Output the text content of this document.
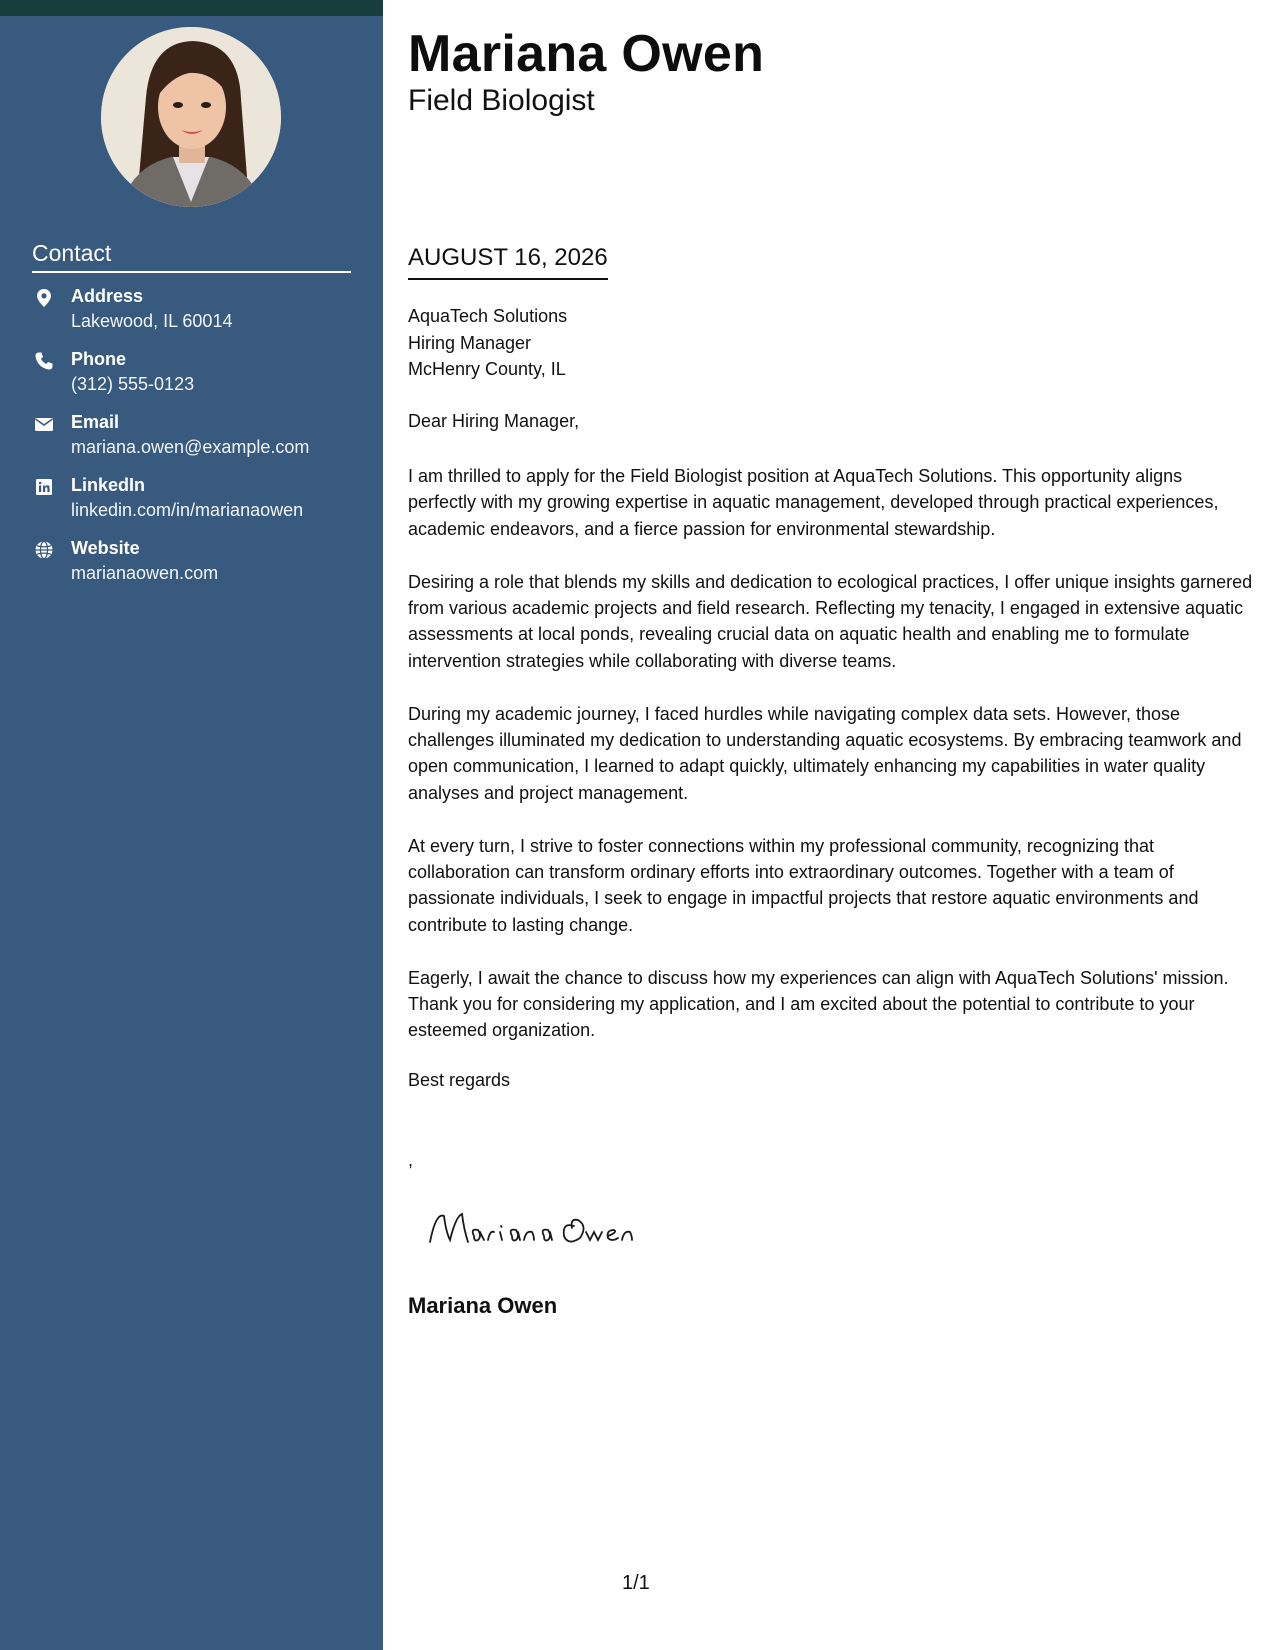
Contact
Address
Lakewood, IL 60014
Phone
(312) 555-0123
Email
mariana.owen@example.com
LinkedIn
linkedin.com/in/marianaowen
Website
marianaowen.com
Mariana Owen
Field Biologist
AUGUST 16, 2026
AquaTech Solutions
Hiring Manager
McHenry County, IL
Dear Hiring Manager,

I am thrilled to apply for the Field Biologist position at AquaTech Solutions. This opportunity aligns perfectly with my growing expertise in aquatic management, developed through practical experiences, academic endeavors, and a fierce passion for environmental stewardship.

Desiring a role that blends my skills and dedication to ecological practices, I offer unique insights garnered from various academic projects and field research. Reflecting my tenacity, I engaged in extensive aquatic assessments at local ponds, revealing crucial data on aquatic health and enabling me to formulate intervention strategies while collaborating with diverse teams.

During my academic journey, I faced hurdles while navigating complex data sets. However, those challenges illuminated my dedication to understanding aquatic ecosystems. By embracing teamwork and open communication, I learned to adapt quickly, ultimately enhancing my capabilities in water quality analyses and project management.

At every turn, I strive to foster connections within my professional community, recognizing that collaboration can transform ordinary efforts into extraordinary outcomes. Together with a team of passionate individuals, I seek to engage in impactful projects that restore aquatic environments and contribute to lasting change.

Eagerly, I await the chance to discuss how my experiences can align with AquaTech Solutions' mission. Thank you for considering my application, and I am excited about the potential to contribute to your esteemed organization.

Best regards
,
Mariana Owen
1/1
